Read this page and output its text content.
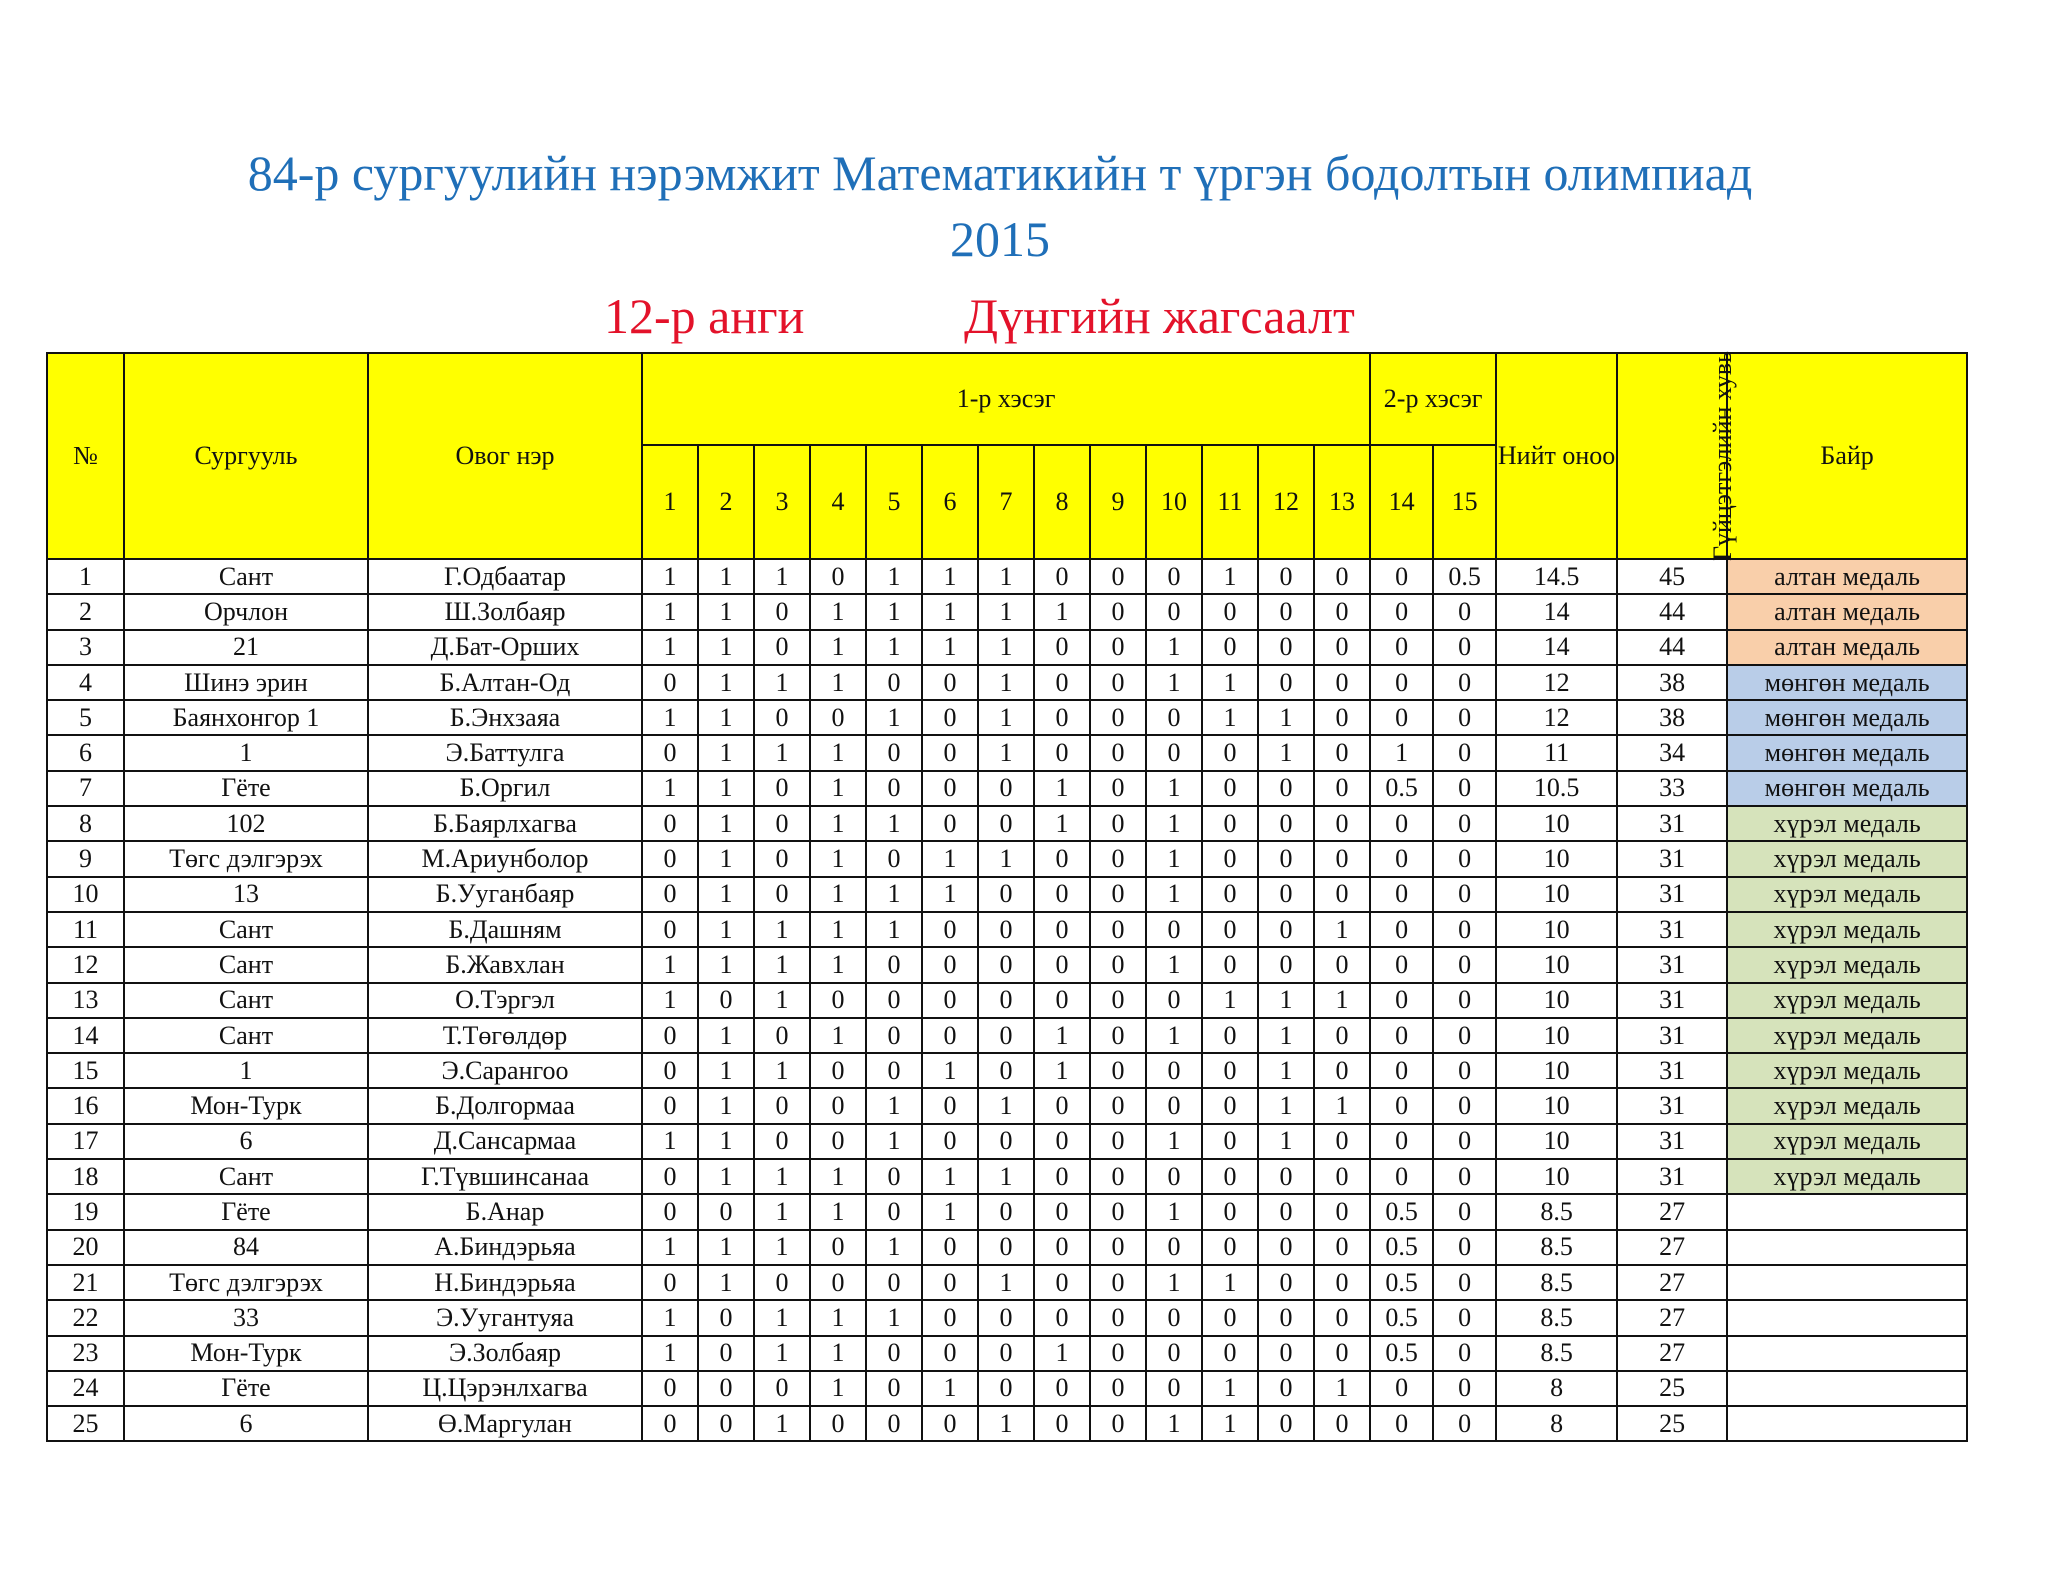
84-р сургуулийн нэрэмжит Математикийн т үргэн бодолтын олимпиад
2015
12-р анги	Дүнгийн жагсаалт
№	Сургууль	Овог нэр	1-р хэсэг													2-р хэсэг		Нийт оноо	Гүйцэтгэлийн хувь	Байр
			1	2	3	4	5	6	7	8	9	10	11	12	13	14	15			
1	Сант	Г.Одбаатар	1	1	1	0	1	1	1	0	0	0	1	0	0	0	0.5	14.5	45	алтан медаль
2	Орчлон	Ш.Золбаяр	1	1	0	1	1	1	1	1	0	0	0	0	0	0	0	14	44	алтан медаль
3	21	Д.Бат-Орших	1	1	0	1	1	1	1	0	0	1	0	0	0	0	0	14	44	алтан медаль
4	Шинэ эрин	Б.Алтан-Од	0	1	1	1	0	0	1	0	0	1	1	0	0	0	0	12	38	мөнгөн медаль
5	Баянхонгор 1	Б.Энхзаяа	1	1	0	0	1	0	1	0	0	0	1	1	0	0	0	12	38	мөнгөн медаль
6	1	Э.Баттулга	0	1	1	1	0	0	1	0	0	0	0	1	0	1	0	11	34	мөнгөн медаль
7	Гёте	Б.Оргил	1	1	0	1	0	0	0	1	0	1	0	0	0	0.5	0	10.5	33	мөнгөн медаль
8	102	Б.Баярлхагва	0	1	0	1	1	0	0	1	0	1	0	0	0	0	0	10	31	хүрэл медаль
9	Төгс дэлгэрэх	М.Ариунболор	0	1	0	1	0	1	1	0	0	1	0	0	0	0	0	10	31	хүрэл медаль
10	13	Б.Ууганбаяр	0	1	0	1	1	1	0	0	0	1	0	0	0	0	0	10	31	хүрэл медаль
11	Сант	Б.Дашням	0	1	1	1	1	0	0	0	0	0	0	0	1	0	0	10	31	хүрэл медаль
12	Сант	Б.Жавхлан	1	1	1	1	0	0	0	0	0	1	0	0	0	0	0	10	31	хүрэл медаль
13	Сант	О.Тэргэл	1	0	1	0	0	0	0	0	0	0	1	1	1	0	0	10	31	хүрэл медаль
14	Сант	Т.Төгөлдөр	0	1	0	1	0	0	0	1	0	1	0	1	0	0	0	10	31	хүрэл медаль
15	1	Э.Сарангоо	0	1	1	0	0	1	0	1	0	0	0	1	0	0	0	10	31	хүрэл медаль
16	Мон-Турк	Б.Долгормаа	0	1	0	0	1	0	1	0	0	0	0	1	1	0	0	10	31	хүрэл медаль
17	6	Д.Сансармаа	1	1	0	0	1	0	0	0	0	1	0	1	0	0	0	10	31	хүрэл медаль
18	Сант	Г.Түвшинсанаа	0	1	1	1	0	1	1	0	0	0	0	0	0	0	0	10	31	хүрэл медаль
19	Гёте	Б.Анар	0	0	1	1	0	1	0	0	0	1	0	0	0	0.5	0	8.5	27	
20	84	А.Биндэрьяа	1	1	1	0	1	0	0	0	0	0	0	0	0	0.5	0	8.5	27	
21	Төгс дэлгэрэх	Н.Биндэрьяа	0	1	0	0	0	0	1	0	0	1	1	0	0	0.5	0	8.5	27	
22	33	Э.Уугантуяа	1	0	1	1	1	0	0	0	0	0	0	0	0	0.5	0	8.5	27	
23	Мон-Турк	Э.Золбаяр	1	0	1	1	0	0	0	1	0	0	0	0	0	0.5	0	8.5	27	
24	Гёте	Ц.Цэрэнлхагва	0	0	0	1	0	1	0	0	0	0	1	0	1	0	0	8	25	
25	6	Ө.Маргулан	0	0	1	0	0	0	1	0	0	1	1	0	0	0	0	8	25	
